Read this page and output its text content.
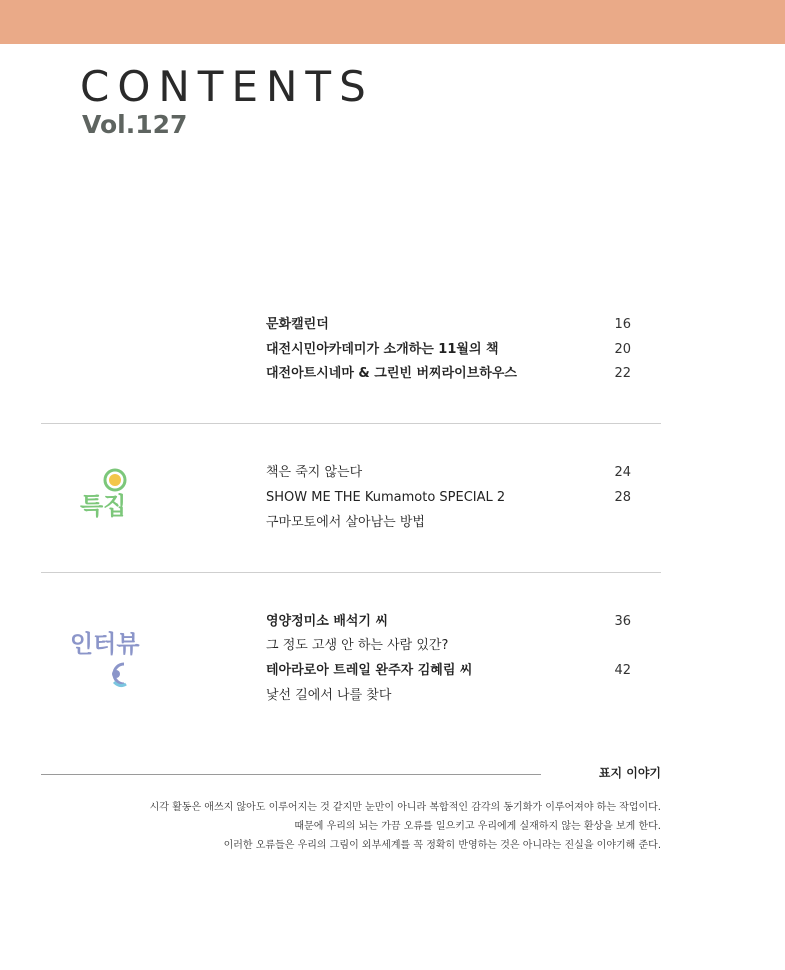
CONTENTS
Vol.127
문화캘린더	16
대전시민아카데미가 소개하는 11월의 책	20
대전아트시네마 & 그린빈 버찌라이브하우스	22
특집
책은 죽지 않는다	24
SHOW ME THE Kumamoto SPECIAL 2	28
구마모토에서 살아남는 방법
인터뷰
영양정미소 배석기 씨	36
그 정도 고생 안 하는 사람 있간?
테아라로아 트레일 완주자 김혜림 씨	42
낯선 길에서 나를 찾다
표지 이야기
시각 활동은 애쓰지 않아도 이루어지는 것 같지만 눈만이 아니라 복합적인 감각의 동기화가 이루어져야 하는 작업이다.
때문에 우리의 뇌는 가끔 오류를 일으키고 우리에게 실재하지 않는 환상을 보게 한다.
이러한 오류들은 우리의 그림이 외부세계를 꼭 정확히 반영하는 것은 아니라는 진실을 이야기해 준다.
